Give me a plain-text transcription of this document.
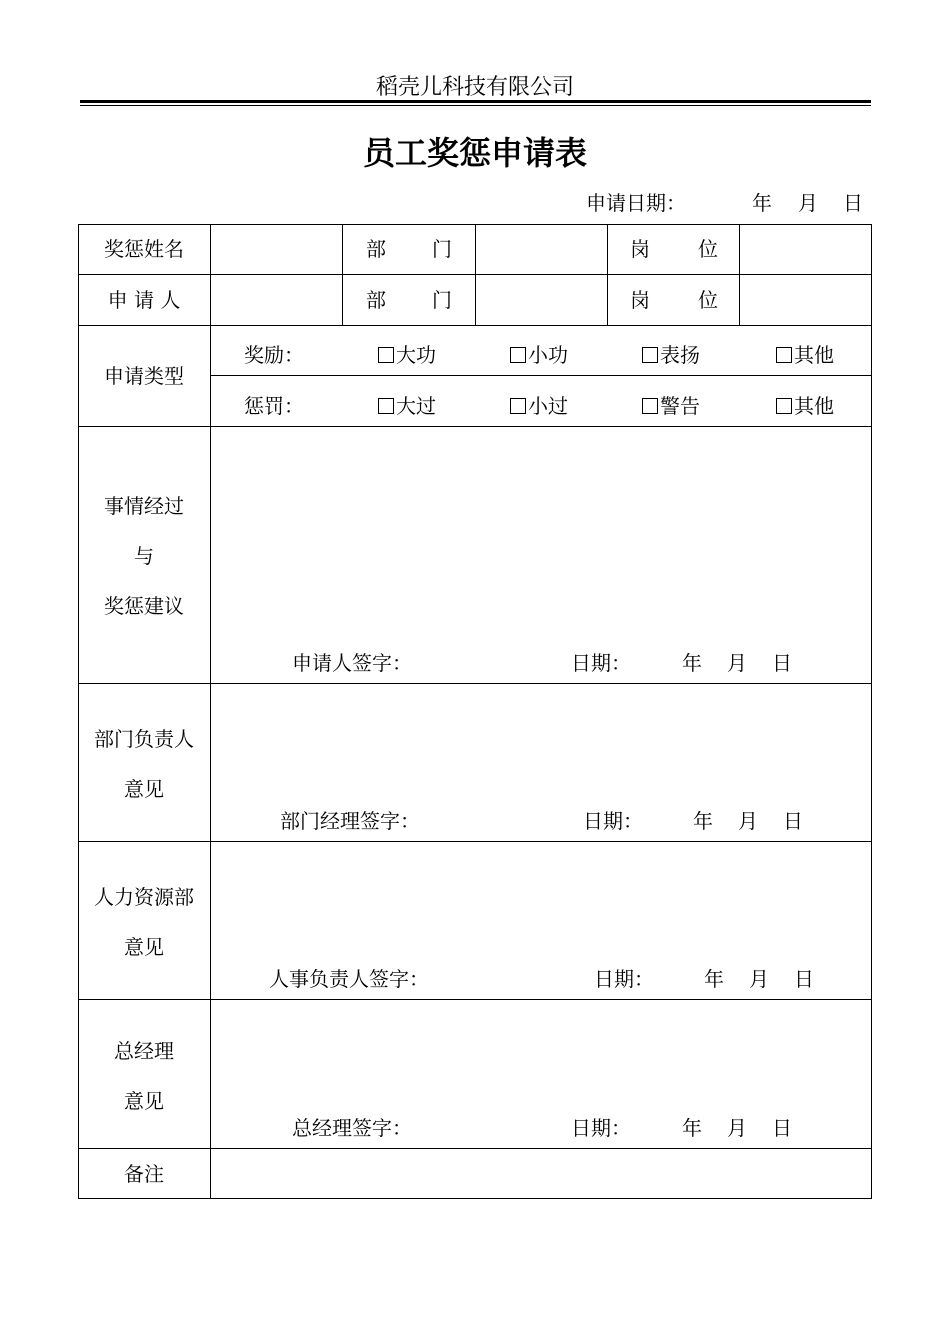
稻壳儿科技有限公司
员工奖惩申请表
申请日期：	年 月 日
奖惩姓名	部 门	岗 位
申 请 人	部 门	岗 位
申请类型
奖励：	大功	小功	表扬	其他
惩罚：	大过	小过	警告	其他
事情经过
与
奖惩建议
申请人签字：	日期：	年 月 日
部门负责人
意见
部门经理签字：	日期：	年 月 日
人力资源部
意见
人事负责人签字：	日期：	年 月 日
总经理
意见
总经理签字：	日期：	年 月 日
备注
